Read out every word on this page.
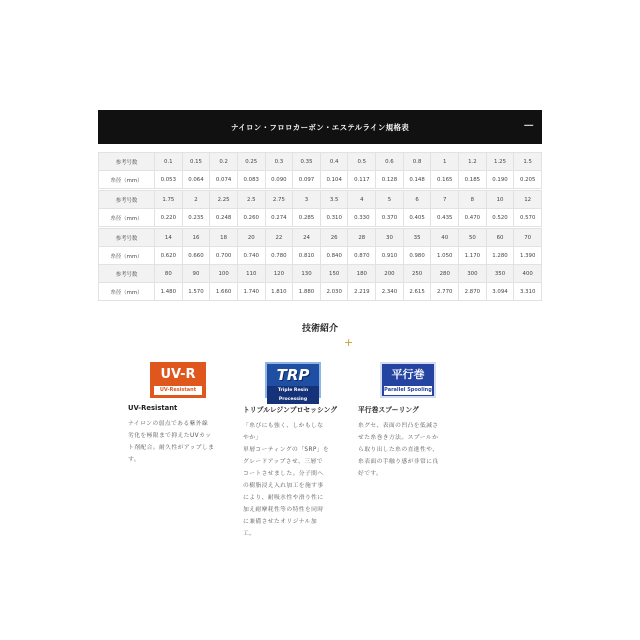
ナイロン・フロロカーボン・エステルライン規格表	—
参考号数	0.1	0.15	0.2	0.25	0.3	0.35	0.4	0.5	0.6	0.8	1	1.2	1.25	1.5
糸径（mm）	0.053	0.064	0.074	0.083	0.090	0.097	0.104	0.117	0.128	0.148	0.165	0.185	0.190	0.205
参考号数	1.75	2	2.25	2.5	2.75	3	3.5	4	5	6	7	8	10	12
糸径（mm）	0.220	0.235	0.248	0.260	0.274	0.285	0.310	0.330	0.370	0.405	0.435	0.470	0.520	0.570
参考号数	14	16	18	20	22	24	26	28	30	35	40	50	60	70
糸径（mm）	0.620	0.660	0.700	0.740	0.780	0.810	0.840	0.870	0.910	0.980	1.050	1.170	1.280	1.390
参考号数	80	90	100	110	120	130	150	180	200	250	280	300	350	400
糸径（mm）	1.480	1.570	1.660	1.740	1.810	1.880	2.030	2.219	2.340	2.615	2.770	2.870	3.094	3.310
技術紹介
+
UV-R
UV-Resistant
UV-Resistant
ナイロンの弱点である紫外線
劣化を極限まで抑えたUVカッ
ト剤配合。耐久性がアップしま
す。
TRP
Triple Resin Processing
トリプルレジンプロセッシング
「糸ぴにも強く、しかもしな
やか」
単層コーティングの「SRP」を
グレードアップさせ、三層で
コートさせました。分子間へ
の樹脂浸え入れ加工を施す事
により、耐吸水性や滑り性に
加え耐摩耗性等の特性を同時
に兼備させたオリジナル加
工。
平行巻
Parallel Spooling
平行巻スプーリング
糸グセ、表面の凹凸を低減さ
せた糸巻き方法。スプールか
ら取り出した糸の直進性や、
糸表面の手触り感が非常に良
好です。
